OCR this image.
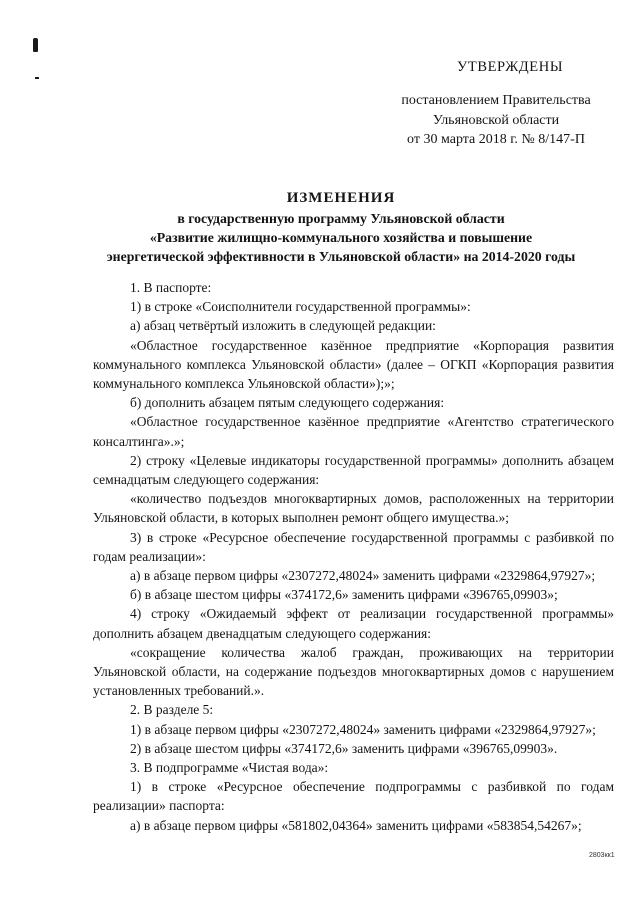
УТВЕРЖДЕНЫ
постановлением Правительства
Ульяновской области
от 30 марта 2018 г. № 8/147-П
ИЗМЕНЕНИЯ
в государственную программу Ульяновской области
«Развитие жилищно-коммунального хозяйства и повышение
энергетической эффективности в Ульяновской области» на 2014-2020 годы

1. В паспорте:

1) в строке «Соисполнители государственной программы»:

а) абзац четвёртый изложить в следующей редакции:

«Областное государственное казённое предприятие «Корпорация развития коммунального комплекса Ульяновской области» (далее – ОГКП «Корпорация развития коммунального комплекса Ульяновской области»);»;

б) дополнить абзацем пятым следующего содержания:

«Областное государственное казённое предприятие «Агентство стратегического консалтинга».»;

2) строку «Целевые индикаторы государственной программы» дополнить абзацем семнадцатым следующего содержания:

«количество подъездов многоквартирных домов, расположенных на территории Ульяновской области, в которых выполнен ремонт общего имущества.»;

3) в строке «Ресурсное обеспечение государственной программы с разбивкой по годам реализации»:

а) в абзаце первом цифры «2307272,48024» заменить цифрами «2329864,97927»;

б) в абзаце шестом цифры «374172,6» заменить цифрами «396765,09903»;

4) строку «Ожидаемый эффект от реализации государственной программы» дополнить абзацем двенадцатым следующего содержания:

«сокращение количества жалоб граждан, проживающих на территории Ульяновской области, на содержание подъездов многоквартирных домов с нарушением установленных требований.».

2. В разделе 5:

1) в абзаце первом цифры «2307272,48024» заменить цифрами «2329864,97927»;

2) в абзаце шестом цифры «374172,6» заменить цифрами «396765,09903».

3. В подпрограмме «Чистая вода»:

1) в строке «Ресурсное обеспечение подпрограммы с разбивкой по годам реализации» паспорта:

а) в абзаце первом цифры «581802,04364» заменить цифрами «583854,54267»;

2803кк1
